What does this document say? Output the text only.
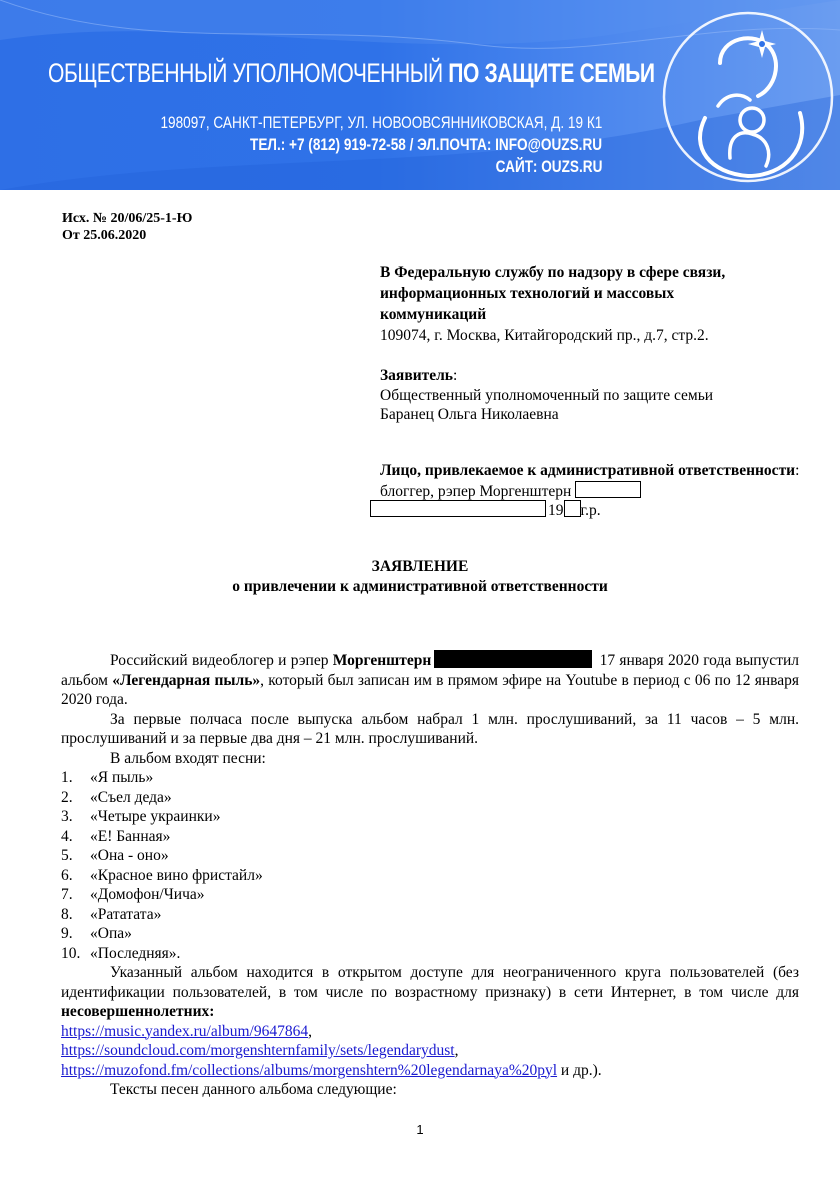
ОБЩЕСТВЕННЫЙ УПОЛНОМОЧЕННЫЙ ПО ЗАЩИТЕ СЕМЬИ
198097, САНКТ-ПЕТЕРБУРГ, УЛ. НОВООВСЯННИКОВСКАЯ, Д. 19 К1
ТЕЛ.: +7 (812) 919-72-58 / ЭЛ.ПОЧТА: INFO@OUZS.RU
САЙТ: OUZS.RU
Исх. № 20/06/25-1-Ю
От 25.06.2020
В Федеральную службу по надзору в сфере связи, информационных технологий и массовых коммуникаций
109074, г. Москва, Китайгородский пр., д.7, стр.2.
Заявитель:
Общественный уполномоченный по защите семьи
Баранец Ольга Николаевна
Лицо, привлекаемое к административной ответственности: блоггер, рэпер Моргенштерн
19 г.р.
ЗАЯВЛЕНИЕ
о привлечении к административной ответственности

Российский видеоблогер и рэпер Моргенштерн	17 января 2020 года выпустил альбом «Легендарная пыль», который был записан им в прямом эфире на Youtube в период с 06 по 12 января 2020 года.

За первые полчаса после выпуска альбом набрал 1 млн. прослушиваний, за 11 часов – 5 млн. прослушиваний и за первые два дня – 21 млн. прослушиваний.

В альбом входят песни:

1.	«Я пыль»
2.	«Съел деда»
3.	«Четыре украинки»
4.	«Е! Банная»
5.	«Она - оно»
6.	«Красное вино фристайл»
7.	«Домофон/Чича»
8.	«Рататата»
9.	«Опа»
10. «Последняя».

Указанный альбом находится в открытом доступе для неограниченного круга пользователей (без идентификации пользователей, в том числе по возрастному признаку) в сети Интернет, в том числе для несовершеннолетних:

https://music.yandex.ru/album/9647864,

https://soundcloud.com/morgenshternfamily/sets/legendarydust,

https://muzofond.fm/collections/albums/morgenshtern%20legendarnaya%20pyl и др.).

Тексты песен данного альбома следующие:

1
